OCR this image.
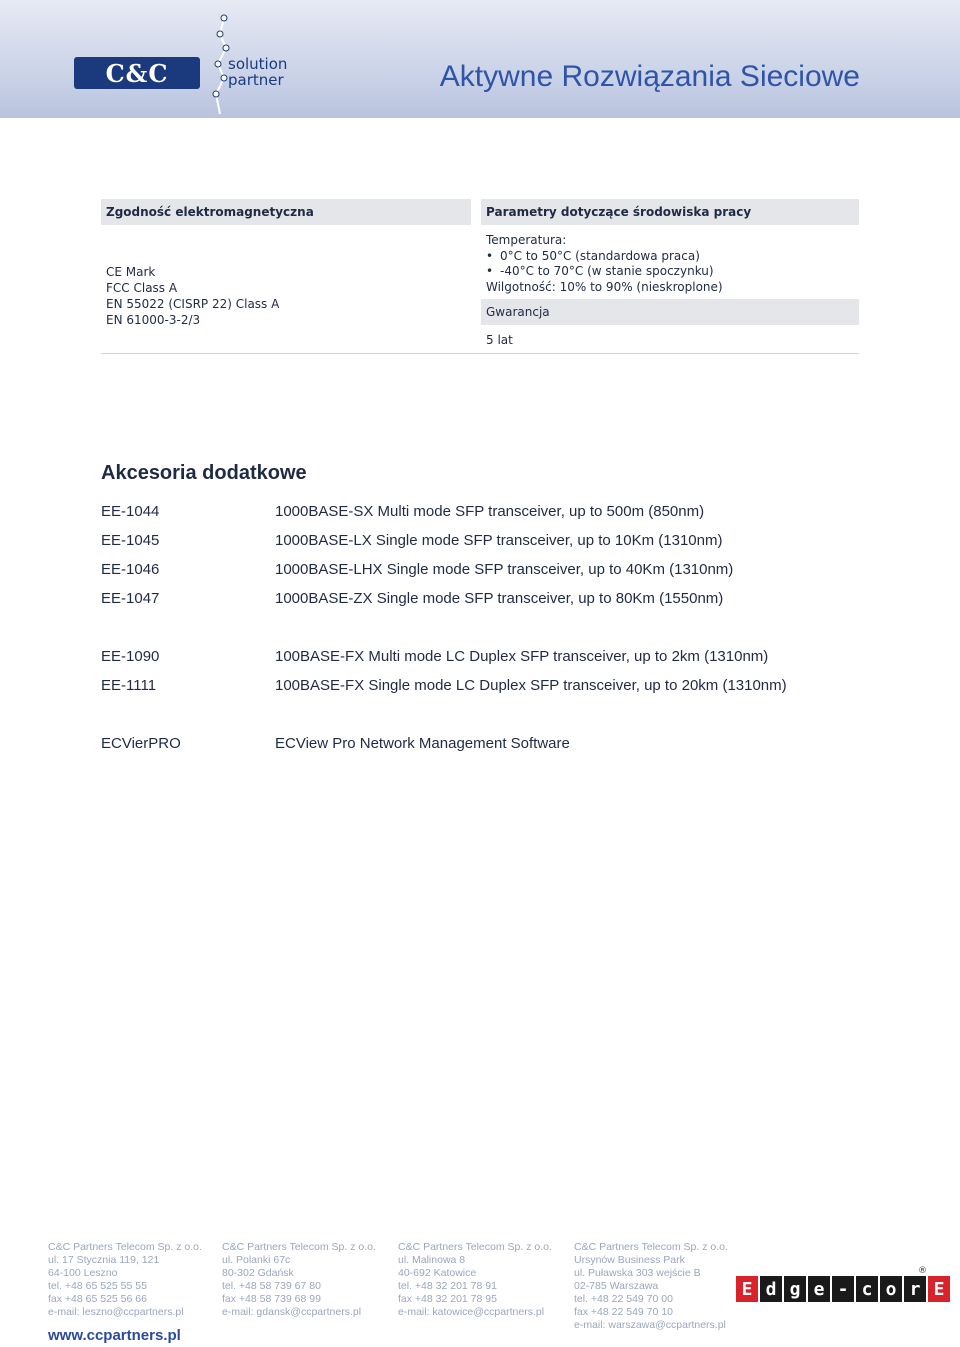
C&C	solution
partner	Aktywne Rozwiązania Sieciowe
Zgodność elektromagnetyczna	Parametry dotyczące środowiska pracy
CE Mark
FCC Class A
EN 55022 (CISRP 22) Class A
EN 61000-3-2/3
Temperatura:
• 0°C to 50°C (standardowa praca)
• -40°C to 70°C (w stanie spoczynku)
Wilgotność: 10% to 90% (nieskroplone)
Gwarancja
5 lat
Akcesoria dodatkowe
EE-1044	1000BASE-SX Multi mode SFP transceiver, up to 500m (850nm)
EE-1045	1000BASE-LX Single mode SFP transceiver, up to 10Km (1310nm)
EE-1046	1000BASE-LHX Single mode SFP transceiver, up to 40Km (1310nm)
EE-1047	1000BASE-ZX Single mode SFP transceiver, up to 80Km (1550nm)
EE-1090	100BASE-FX Multi mode LC Duplex SFP transceiver, up to 2km (1310nm)
EE-1111	100BASE-FX Single mode LC Duplex SFP transceiver, up to 20km (1310nm)
ECVierPRO	ECView Pro Network Management Software
C&C Partners Telecom Sp. z o.o.
ul. 17 Stycznia 119, 121
64-100 Leszno
tel. +48 65 525 55 55
fax +48 65 525 56 66
e-mail: leszno@ccpartners.pl
C&C Partners Telecom Sp. z o.o.
ul. Polanki 67c
80-302 Gdańsk
tel. +48 58 739 67 80
fax +48 58 739 68 99
e-mail: gdansk@ccpartners.pl
C&C Partners Telecom Sp. z o.o.
ul. Malinowa 8
40-692 Katowice
tel. +48 32 201 78 91
fax +48 32 201 78 95
e-mail: katowice@ccpartners.pl
C&C Partners Telecom Sp. z o.o.
Ursynów Business Park
ul. Puławska 303 wejście B
02-785 Warszawa
tel. +48 22 549 70 00
fax +48 22 549 70 10
e-mail: warszawa@ccpartners.pl
www.ccpartners.pl
E d g e - c o r E
®
